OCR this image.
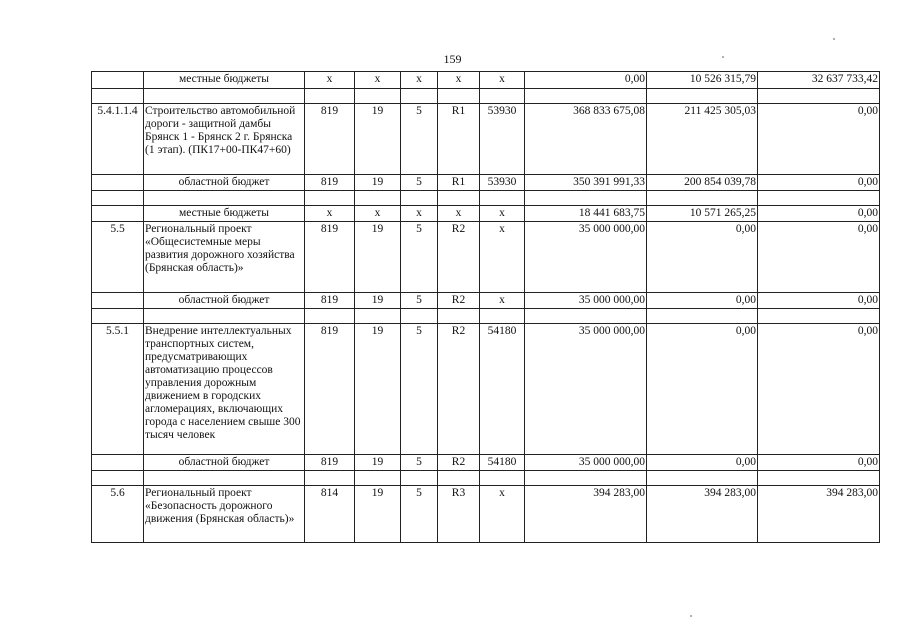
159
	местные бюджеты	х	х	х	х	х	0,00	10 526 315,79	32 637 733,42

5.4.1.1.4	Строительство автомобильной дороги - защитной дамбы Брянск 1 - Брянск 2 г. Брянска (1 этап). (ПК17+00-ПК47+60)	819	19	5	R1	53930	368 833 675,08	211 425 305,03	0,00
	областной бюджет	819	19	5	R1	53930	350 391 991,33	200 854 039,78	0,00

	местные бюджеты	х	х	х	х	х	18 441 683,75	10 571 265,25	0,00
5.5	Региональный проект «Общесистемные меры развития дорожного хозяйства (Брянская область)»	819	19	5	R2	х	35 000 000,00	0,00	0,00
	областной бюджет	819	19	5	R2	х	35 000 000,00	0,00	0,00

5.5.1	Внедрение интеллектуальных транспортных систем, предусматривающих автоматизацию процессов управления дорожным движением в городских агломерациях, включающих города с населением свыше 300 тысяч человек	819	19	5	R2	54180	35 000 000,00	0,00	0,00
	областной бюджет	819	19	5	R2	54180	35 000 000,00	0,00	0,00

5.6	Региональный проект «Безопасность дорожного движения (Брянская область)»	814	19	5	R3	х	394 283,00	394 283,00	394 283,00
